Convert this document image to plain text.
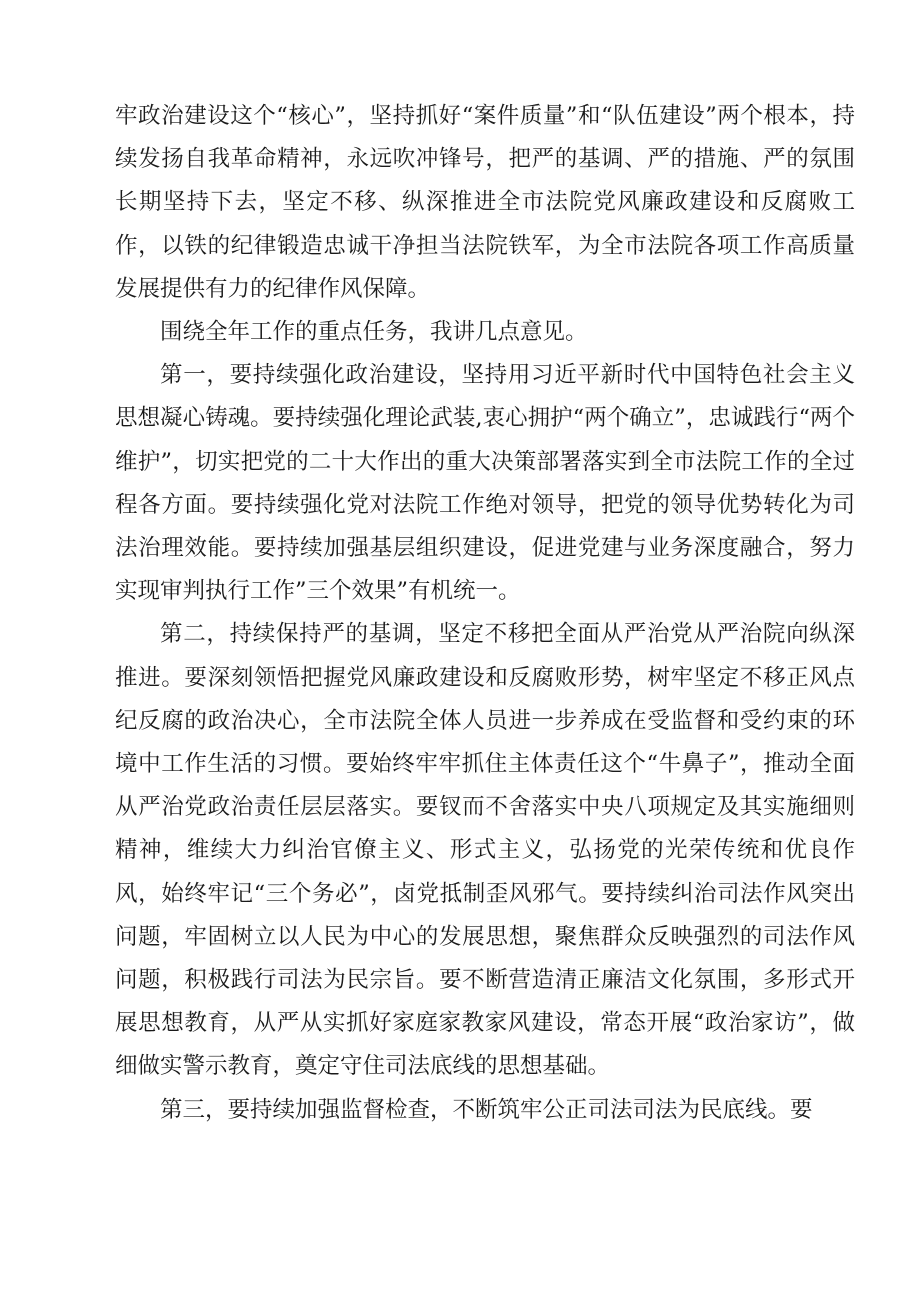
牢政治建设这个“核心”，坚持抓好“案件质量”和“队伍建设”两个根本，持续发扬自我革命精神，永远吹冲锋号，把严的基调、严的措施、严的氛围长期坚持下去，坚定不移、纵深推进全市法院党风廉政建设和反腐败工作，以铁的纪律锻造忠诚干净担当法院铁军，为全市法院各项工作高质量发展提供有力的纪律作风保障。

围绕全年工作的重点任务，我讲几点意见。

第一，要持续强化政治建设，坚持用习近平新时代中国特色社会主义思想凝心铸魂。要持续强化理论武装,衷心拥护“两个确立”，忠诚践行“两个维护”，切实把党的二十大作出的重大决策部署落实到全市法院工作的全过程各方面。要持续强化党对法院工作绝对领导，把党的领导优势转化为司法治理效能。要持续加强基层组织建设，促进党建与业务深度融合，努力实现审判执行工作”三个效果”有机统一。

第二，持续保持严的基调，坚定不移把全面从严治党从严治院向纵深推进。要深刻领悟把握党风廉政建设和反腐败形势，树牢坚定不移正风点纪反腐的政治决心，全市法院全体人员进一步养成在受监督和受约束的环境中工作生活的习惯。要始终牢牢抓住主体责任这个“牛鼻子”，推动全面从严治党政治责任层层落实。要钗而不舍落实中央八项规定及其实施细则精神，维续大力纠治官僚主义、形式主义，弘扬党的光荣传统和优良作风，始终牢记“三个务必”，卤党抵制歪风邪气。要持续纠治司法作风突出问题，牢固树立以人民为中心的发展思想，聚焦群众反映强烈的司法作风问题，积极践行司法为民宗旨。要不断营造清正廉洁文化氛围，多形式开展思想教育，从严从实抓好家庭家教家风建设，常态开展“政治家访”，做细做实警示教育，奠定守住司法底线的思想基础。

第三，要持续加强监督检查，不断筑牢公正司法司法为民底线。要
